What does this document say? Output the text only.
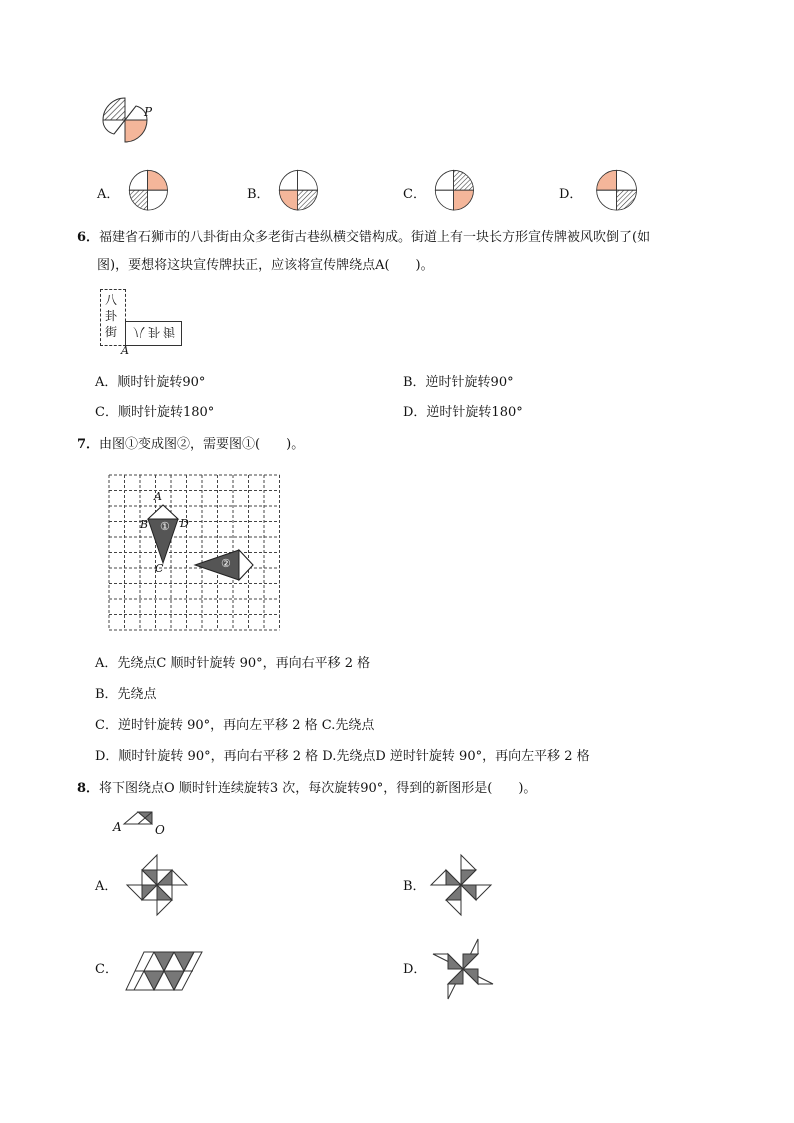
P
A．	B．	C．	D．
6．福建省石狮市的八卦街由众多老街古巷纵横交错构成。街道上有一块长方形宣传牌被风吹倒了(如
图)，要想将这块宣传牌扶正，应该将宣传牌绕点A(　　)。
八
卦
街 八卦街
A
A．顺时针旋转90°	B．逆时针旋转90°
C．顺时针旋转180°	D．逆时针旋转180°
7．由图①变成图②，需要图①(　　)。
A
B	D
C
①
②
A．先绕点C 顺时针旋转 90°，再向右平移 2 格
B．先绕点
C．逆时针旋转 90°，再向左平移 2 格 C.先绕点
D．顺时针旋转 90°，再向右平移 2 格 D.先绕点D 逆时针旋转 90°，再向左平移 2 格
8．将下图绕点O 顺时针连续旋转3 次，每次旋转90°，得到的新图形是(　　)。
A	O
A．	B．
C．	D．
